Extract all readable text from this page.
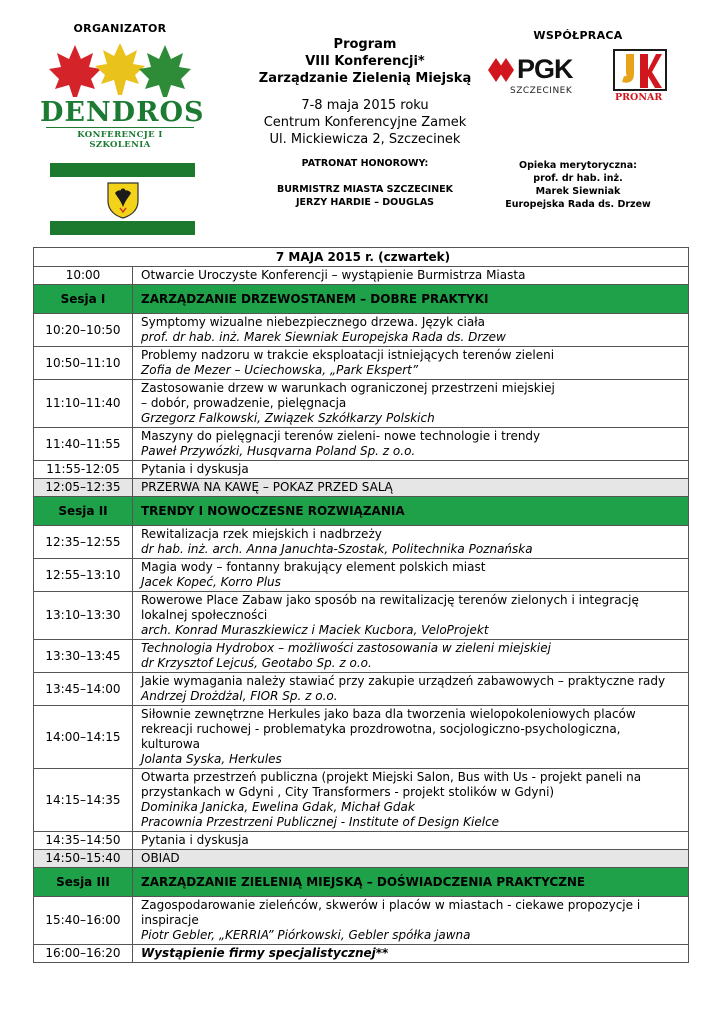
ORGANIZATOR
DENDROS
KONFERENCJE I SZKOLENIA
Program
VIII Konferencji*
Zarządzanie Zielenią Miejską
7-8 maja 2015 roku
Centrum Konferencyjne Zamek
Ul. Mickiewicza 2, Szczecinek
PATRONAT HONOROWY:
BURMISTRZ MIASTA SZCZECINEK
JERZY HARDIE – DOUGLAS
WSPÓŁPRACA
PGK
SZCZECINEK
PRONAR
Opieka merytoryczna:
prof. dr hab. inż.
Marek Siewniak
Europejska Rada ds. Drzew
7 MAJA 2015 r. (czwartek)	
10:00	Otwarcie Uroczyste Konferencji – wystąpienie Burmistrza Miasta

Sesja I	ZARZĄDZANIE DRZEWOSTANEM – DOBRE PRAKTYKI
10:20–10:50	Symptomy wizualne niebezpiecznego drzewa. Język ciała
prof. dr hab. inż. Marek Siewniak Europejska Rada ds. Drzew

10:50–11:10	Problemy nadzoru w trakcie eksploatacji istniejących terenów zieleni
Zofia de Mezer – Uciechowska, „Park Ekspert”

11:10–11:40	Zastosowanie drzew w warunkach ograniczonej przestrzeni miejskiej
– dobór, prowadzenie, pielęgnacja
Grzegorz Falkowski, Związek Szkółkarzy Polskich

11:40–11:55	Maszyny do pielęgnacji terenów zieleni- nowe technologie i trendy
Paweł Przywózki, Husqvarna Poland Sp. z o.o.

11:55-12:05	Pytania i dyskusja

12:05–12:35	PRZERWA NA KAWĘ – POKAZ PRZED SALĄ

Sesja II	TRENDY I NOWOCZESNE ROZWIĄZANIA
12:35–12:55	Rewitalizacja rzek miejskich i nadbrzeży
dr hab. inż. arch. Anna Januchta-Szostak, Politechnika Poznańska

12:55–13:10	Magia wody – fontanny brakujący element polskich miast
Jacek Kopeć, Korro Plus

13:10–13:30	Rowerowe Place Zabaw jako sposób na rewitalizację terenów zielonych i integrację
lokalnej społeczności
arch. Konrad Muraszkiewicz i Maciek Kucbora, VeloProjekt

13:30–13:45	Technologia Hydrobox – możliwości zastosowania w zieleni miejskiej
dr Krzysztof Lejcuś, Geotabo Sp. z o.o.

13:45–14:00	Jakie wymagania należy stawiać przy zakupie urządzeń zabawowych – praktyczne rady
Andrzej Drożdżal, FIOR Sp. z o.o.

14:00–14:15	Siłownie zewnętrzne Herkules jako baza dla tworzenia wielopokoleniowych placów
rekreacji ruchowej - problematyka prozdrowotna, socjologiczno-psychologiczna,
kulturowa
Jolanta Syska, Herkules

14:15–14:35	Otwarta przestrzeń publiczna (projekt Miejski Salon, Bus with Us - projekt paneli na
przystankach w Gdyni , City Transformers - projekt stolików w Gdyni)
Dominika Janicka, Ewelina Gdak, Michał Gdak
Pracownia Przestrzeni Publicznej - Institute of Design Kielce

14:35–14:50	Pytania i dyskusja

14:50–15:40	OBIAD

Sesja III	ZARZĄDZANIE ZIELENIĄ MIEJSKĄ – DOŚWIADCZENIA PRAKTYCZNE
15:40–16:00	Zagospodarowanie zieleńców, skwerów i placów w miastach - ciekawe propozycje i
inspiracje
Piotr Gebler, „KERRIA” Piórkowski, Gebler spółka jawna

16:00–16:20	Wystąpienie firmy specjalistycznej**
